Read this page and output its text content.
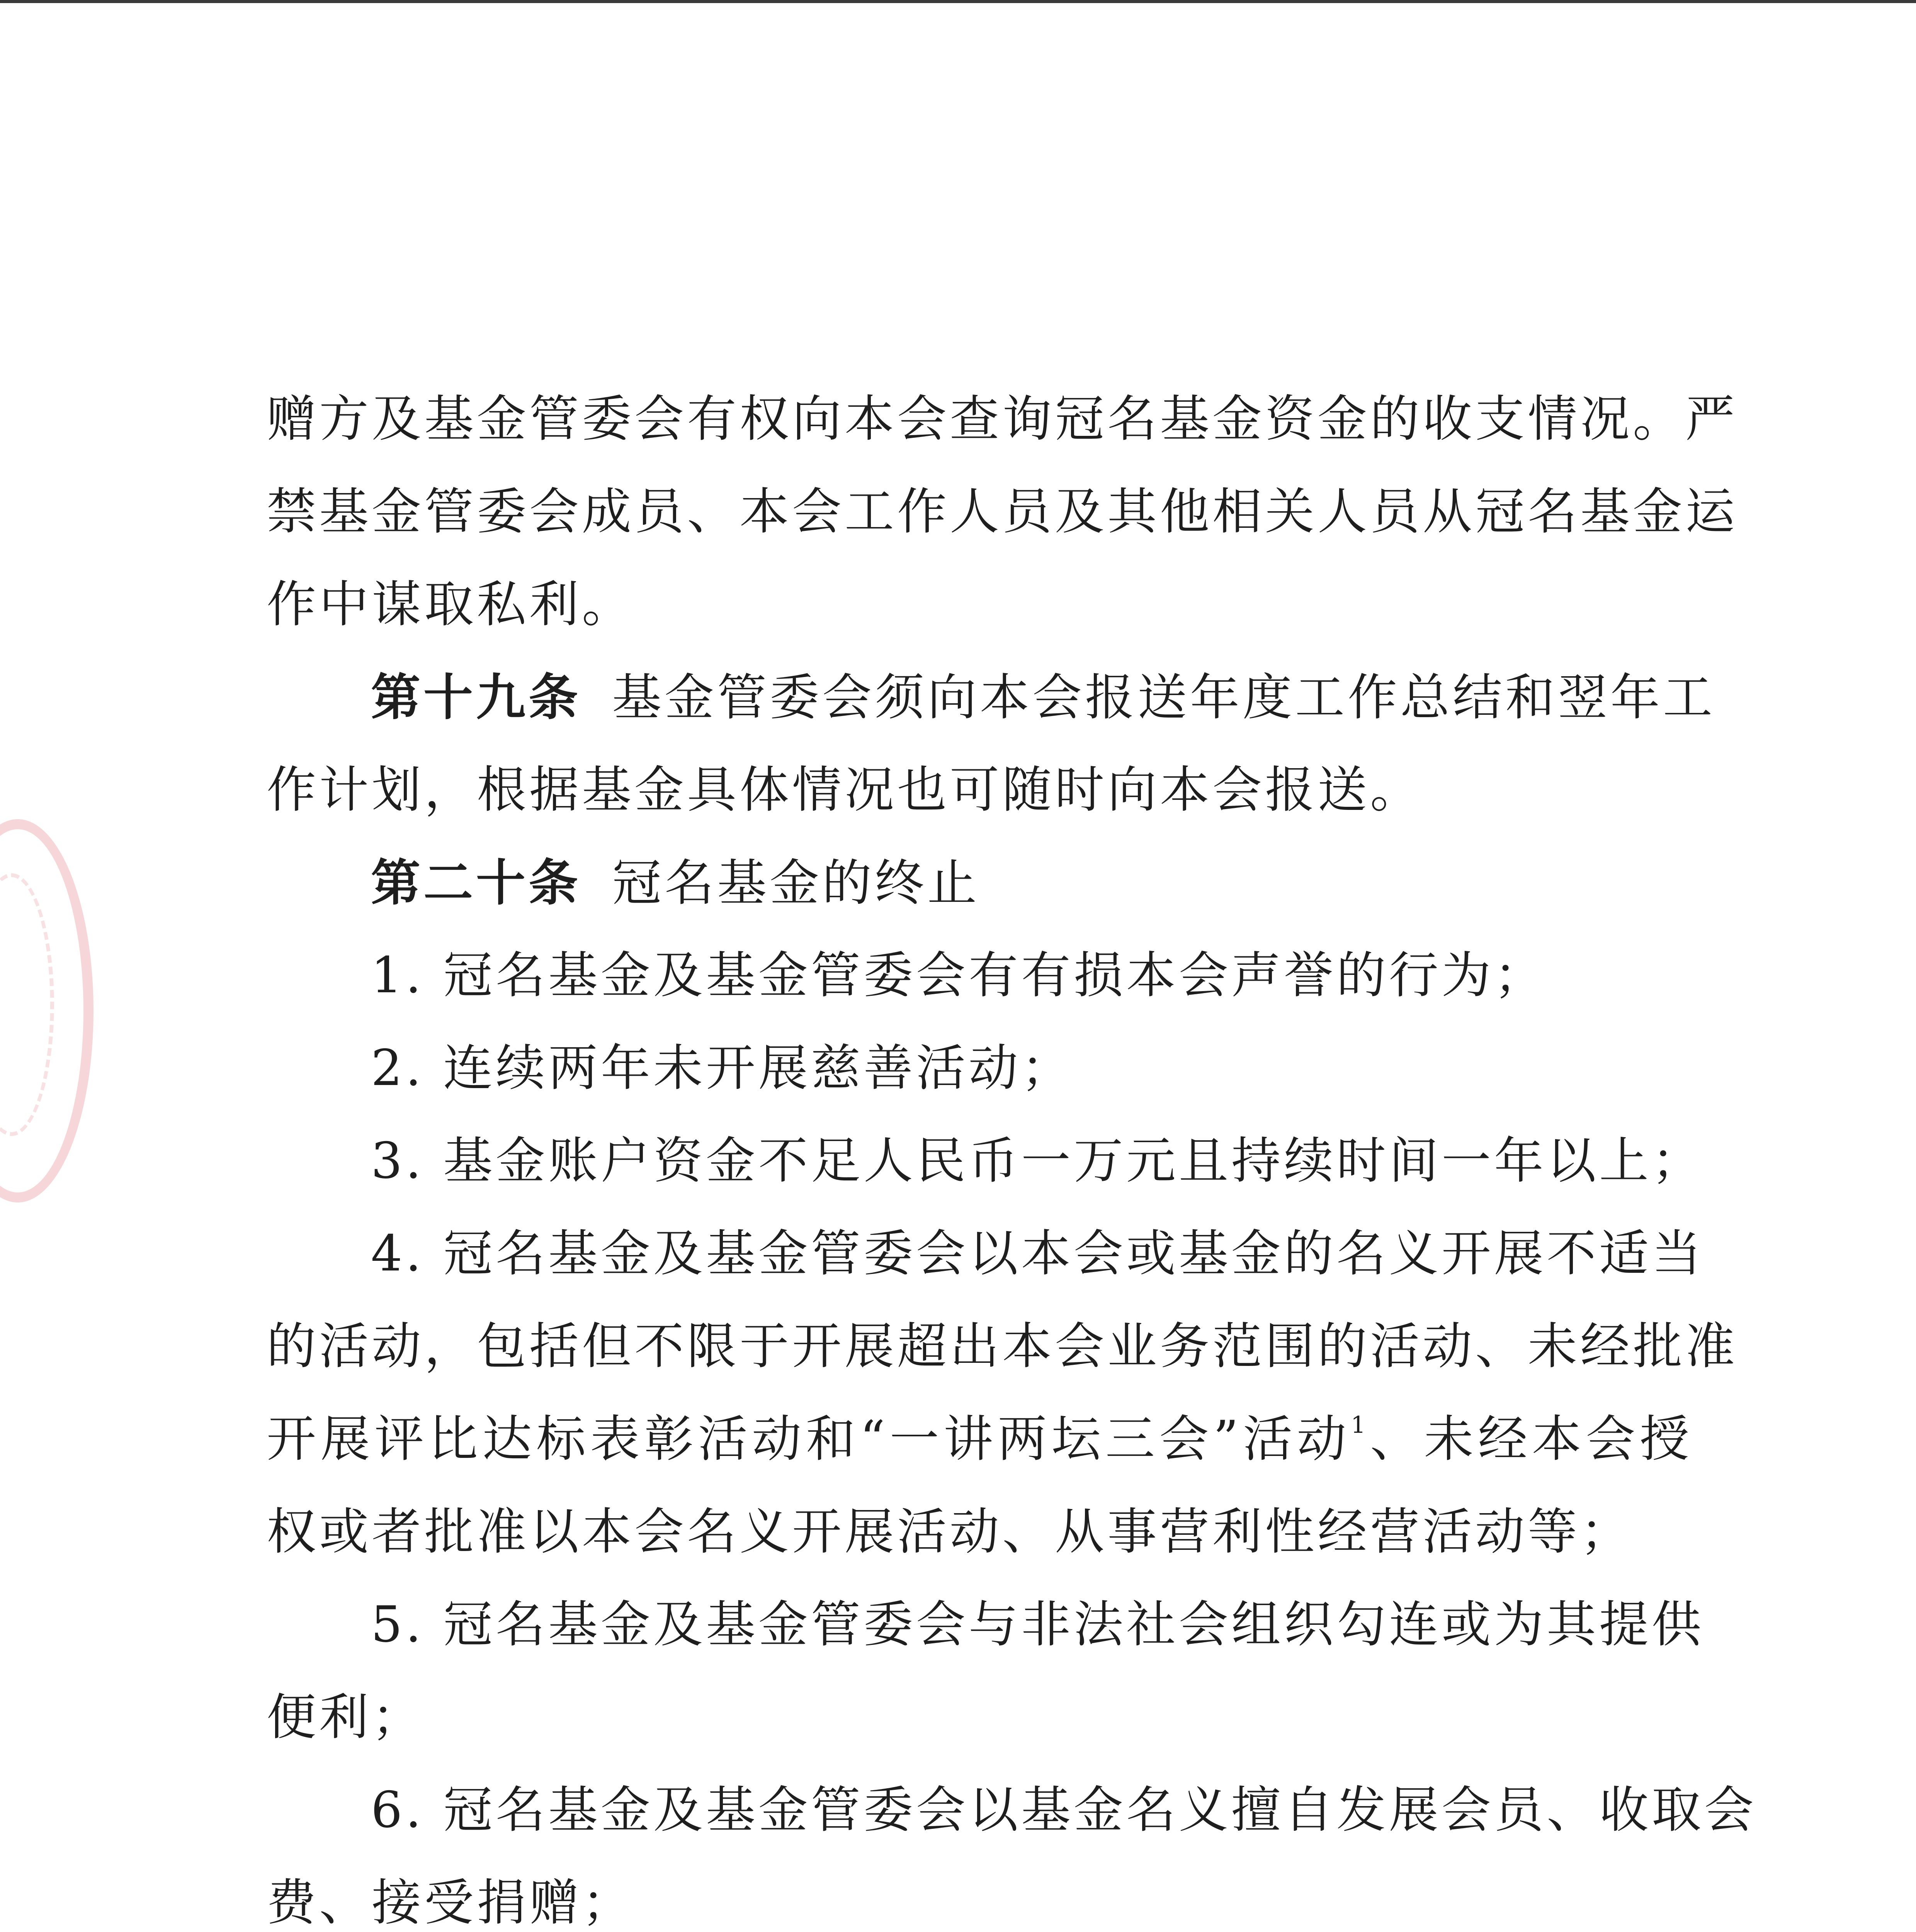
赠方及基金管委会有权向本会查询冠名基金资金的收支情况。严
禁基金管委会成员、本会工作人员及其他相关人员从冠名基金运
作中谋取私利。
第十九条 基金管委会须向本会报送年度工作总结和翌年工
作计划，根据基金具体情况也可随时向本会报送。
第二十条 冠名基金的终止
1. 冠名基金及基金管委会有有损本会声誉的行为；
2. 连续两年未开展慈善活动；
3. 基金账户资金不足人民币一万元且持续时间一年以上；
4. 冠名基金及基金管委会以本会或基金的名义开展不适当
的活动，包括但不限于开展超出本会业务范围的活动、未经批准
开展评比达标表彰活动和“一讲两坛三会”活动$^1$、未经本会授
权或者批准以本会名义开展活动、从事营利性经营活动等；
5. 冠名基金及基金管委会与非法社会组织勾连或为其提供
便利；
6. 冠名基金及基金管委会以基金名义擅自发展会员、收取会
费、接受捐赠；
